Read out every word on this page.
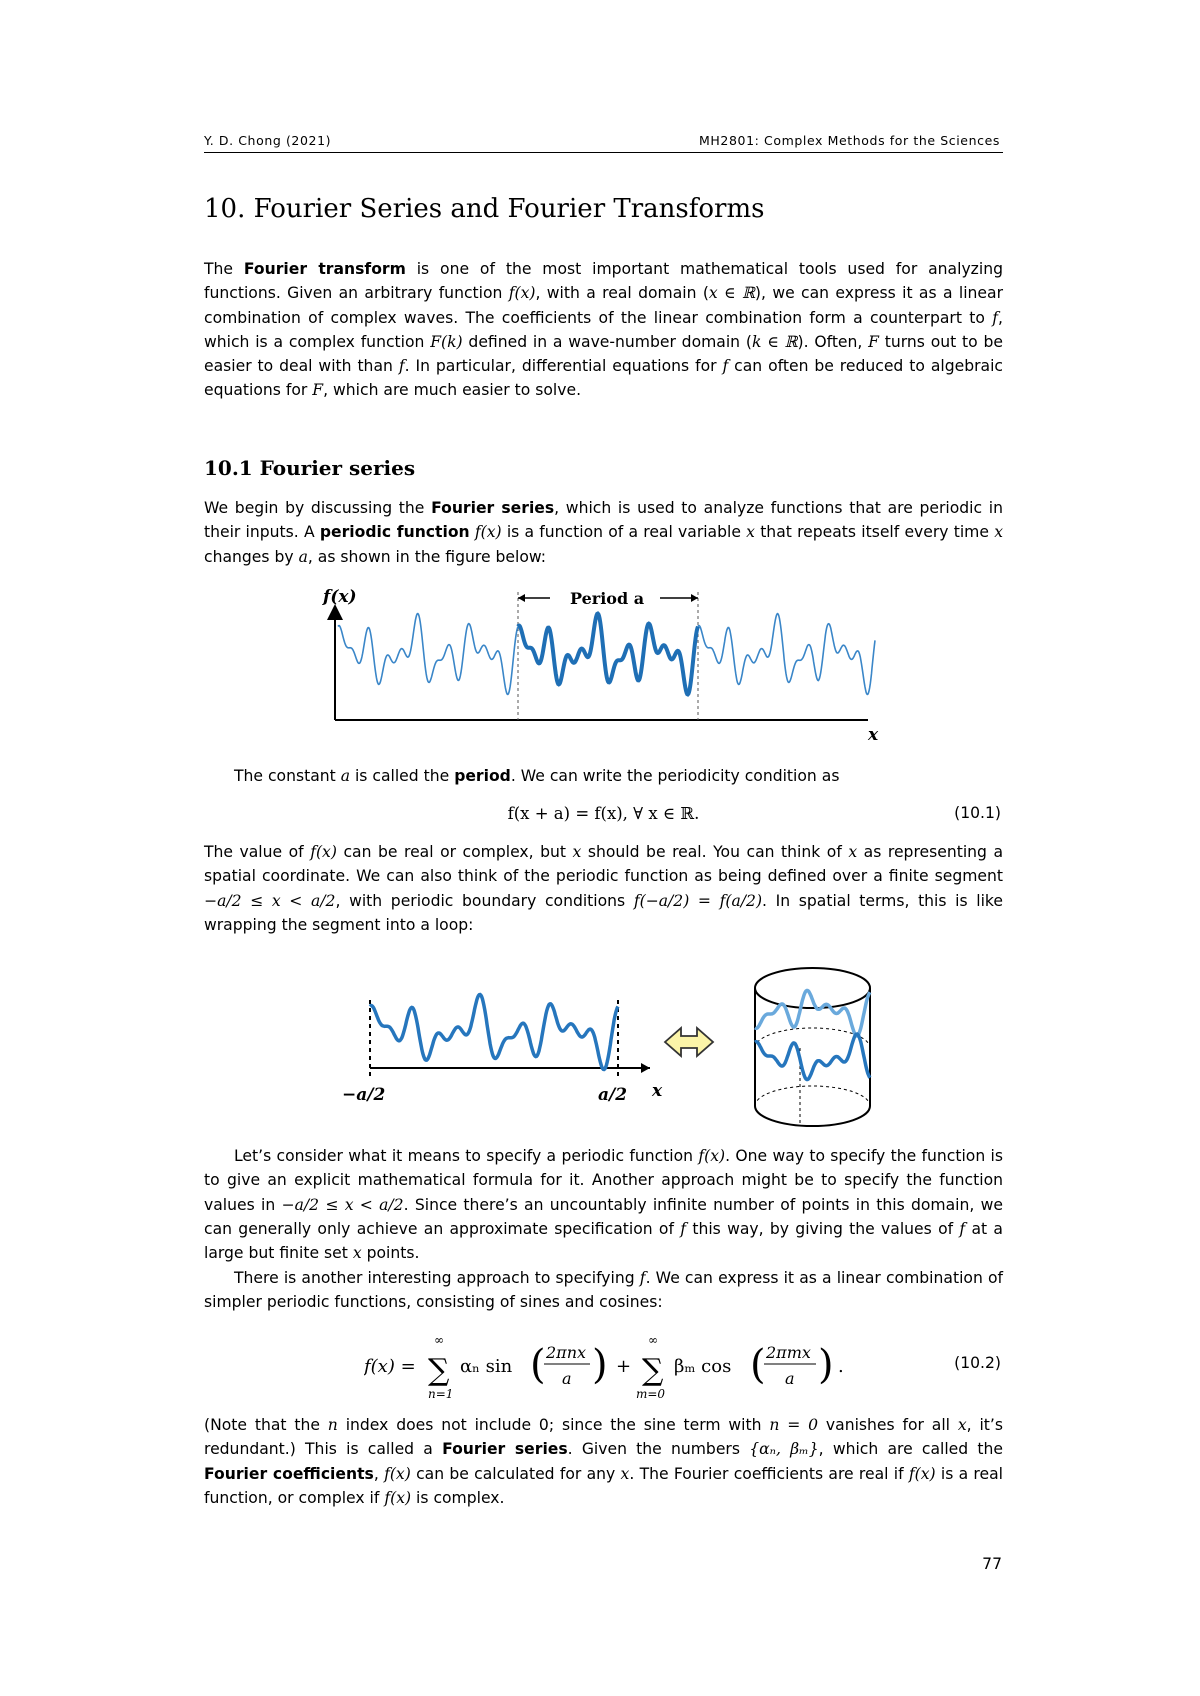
Y. D. Chong (2021)	MH2801: Complex Methods for the Sciences
10. Fourier Series and Fourier Transforms

The Fourier transform is one of the most important mathematical tools used for analyzing functions. Given an arbitrary function f(x), with a real domain (x ∈ ℝ), we can express it as a linear combination of complex waves. The coefficients of the linear combination form a counterpart to f, which is a complex function F(k) defined in a wave-number domain (k ∈ ℝ). Often, F turns out to be easier to deal with than f. In particular, differential equations for f can often be reduced to algebraic equations for F, which are much easier to solve.

10.1 Fourier series

We begin by discussing the Fourier series, which is used to analyze functions that are periodic in their inputs. A periodic function f(x) is a function of a real variable x that repeats itself every time x changes by a, as shown in the figure below:

f(x)
x
Period a

The constant a is called the period. We can write the periodicity condition as

f(x + a) = f(x), ∀ x ∈ ℝ.	(10.1)

The value of f(x) can be real or complex, but x should be real. You can think of x as representing a spatial coordinate. We can also think of the periodic function as being defined over a finite segment −a/2 ≤ x < a/2, with periodic boundary conditions f(−a/2) = f(a/2). In spatial terms, this is like wrapping the segment into a loop:

−a/2	a/2 x

Let’s consider what it means to specify a periodic function f(x). One way to specify the function is to give an explicit mathematical formula for it. Another approach might be to specify the function values in −a/2 ≤ x < a/2. Since there’s an uncountably infinite number of points in this domain, we can generally only achieve an approximate specification of f this way, by giving the values of f at a large but finite set x points.

There is another interesting approach to specifying f. We can express it as a linear combination of simpler periodic functions, consisting of sines and cosines:

f(x) =
∞
∑
n=1
αₙ sin ( 2πnx
a ) +
∞
∑
m=0
βₘ cos ( 2πmx
a ) .	(10.2)

(Note that the n index does not include 0; since the sine term with n = 0 vanishes for all x, it’s redundant.) This is called a Fourier series. Given the numbers {αₙ, βₘ}, which are called the Fourier coefficients, f(x) can be calculated for any x. The Fourier coefficients are real if f(x) is a real function, or complex if f(x) is complex.

77
